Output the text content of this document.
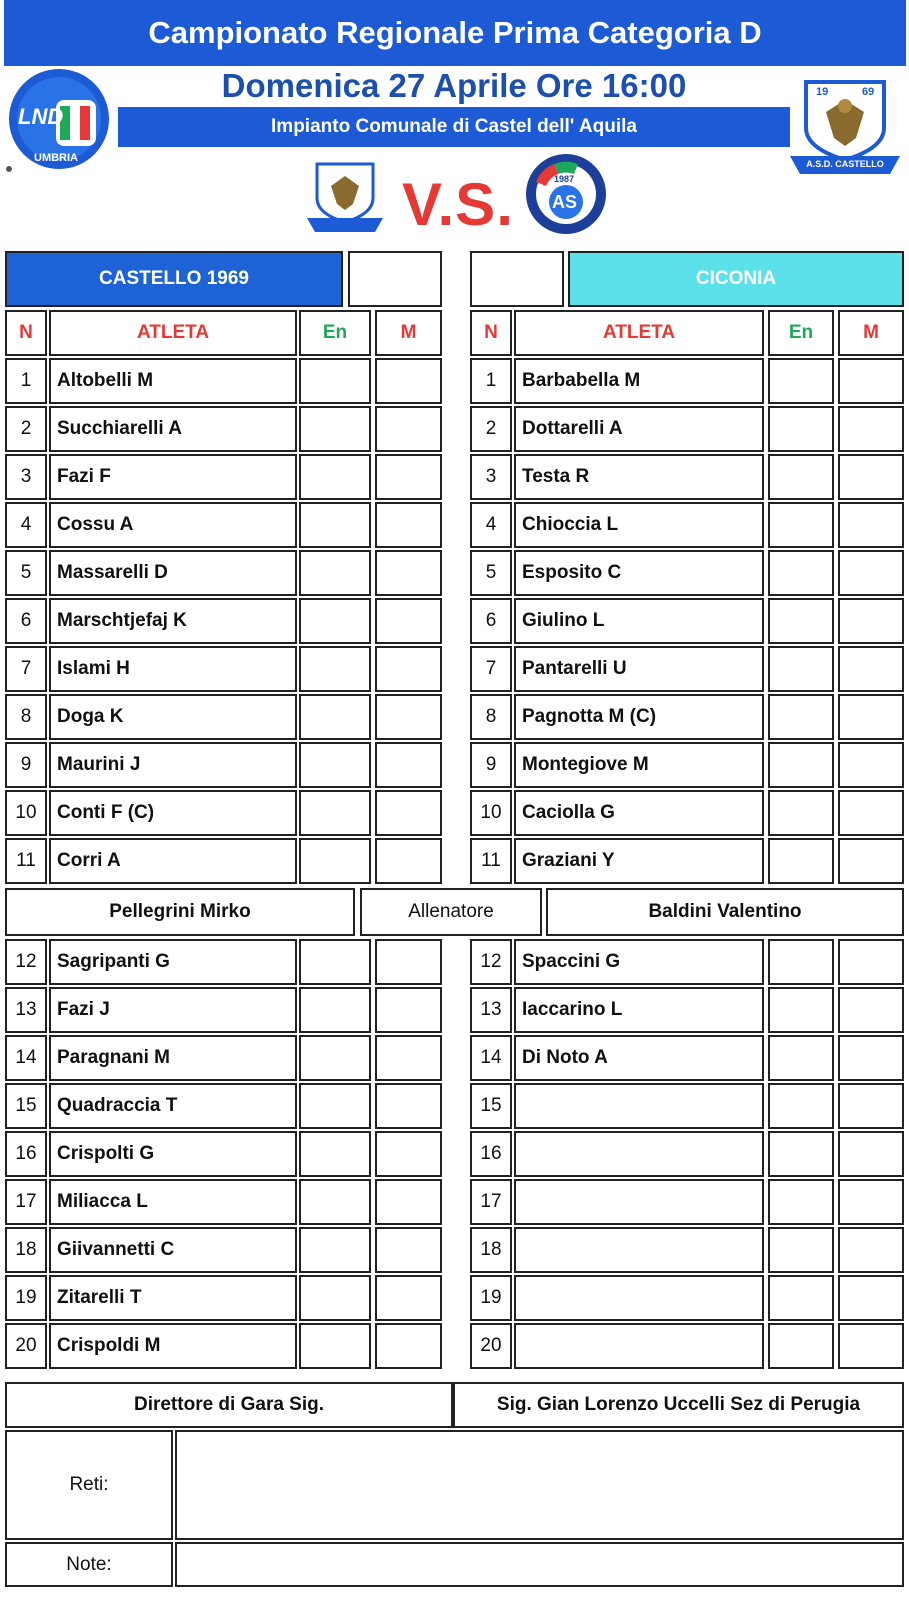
Campionato Regionale Prima Categoria D
LND
UMBRIA
Domenica 27 Aprile Ore 16:00
Impianto Comunale di Castel dell' Aquila
19	69
A.S.D. CASTELLO
V.S. AS
1987
CASTELLO 1969	CICONIA
N	ATLETA	En	M	N	ATLETA	En	M
1	Altobelli M
2	Succhiarelli A
3	Fazi F
4	Cossu A
5	Massarelli D
6	Marschtjefaj K
7	Islami H
8	Doga K
9	Maurini J
10	Conti F (C)
11	Corri A
1	Barbabella M
2	Dottarelli A
3	Testa R
4	Chioccia L
5	Esposito C
6	Giulino L
7	Pantarelli U
8	Pagnotta M (C)
9	Montegiove M
10	Caciolla G
11	Graziani Y
12	Sagripanti G
13	Fazi J
14	Paragnani M
15	Quadraccia T
16	Crispolti G
17	Miliacca L
18	Giivannetti C
19	Zitarelli T
20	Crispoldi M
12	Spaccini G
13	Iaccarino L
14	Di Noto A
15
16
17
18
19
20
Pellegrini Mirko	Allenatore	Baldini Valentino
Direttore di Gara Sig.	Sig. Gian Lorenzo Uccelli Sez di Perugia
Reti:
Note:
